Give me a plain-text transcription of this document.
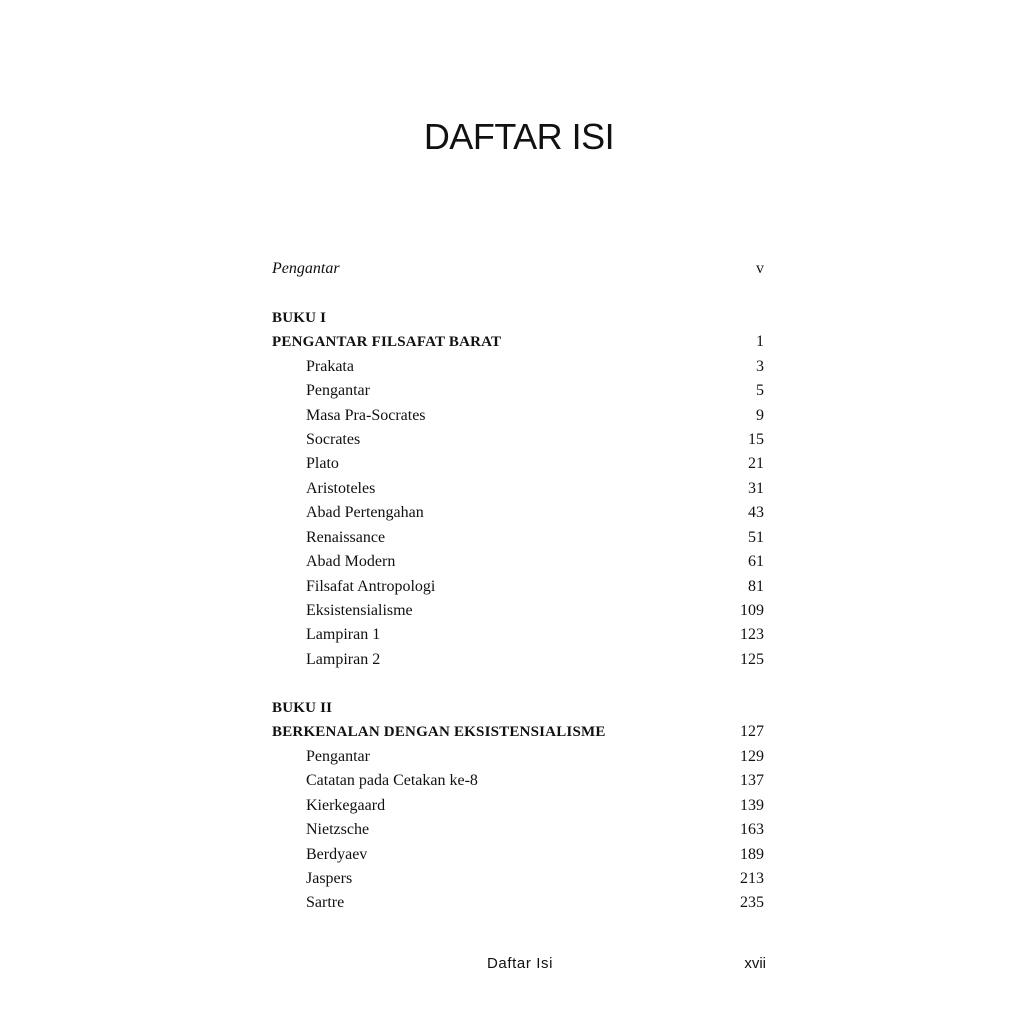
DAFTAR ISI
Pengantar	v
BUKU I
PENGANTAR FILSAFAT BARAT	1
Prakata	3
Pengantar	5
Masa Pra-Socrates	9
Socrates	15
Plato	21
Aristoteles	31
Abad Pertengahan	43
Renaissance	51
Abad Modern	61
Filsafat Antropologi	81
Eksistensialisme	109
Lampiran 1	123
Lampiran 2	125
BUKU II
BERKENALAN DENGAN EKSISTENSIALISME	127
Pengantar	129
Catatan pada Cetakan ke-8	137
Kierkegaard	139
Nietzsche	163
Berdyaev	189
Jaspers	213
Sartre	235
Daftar Isi	xvii
